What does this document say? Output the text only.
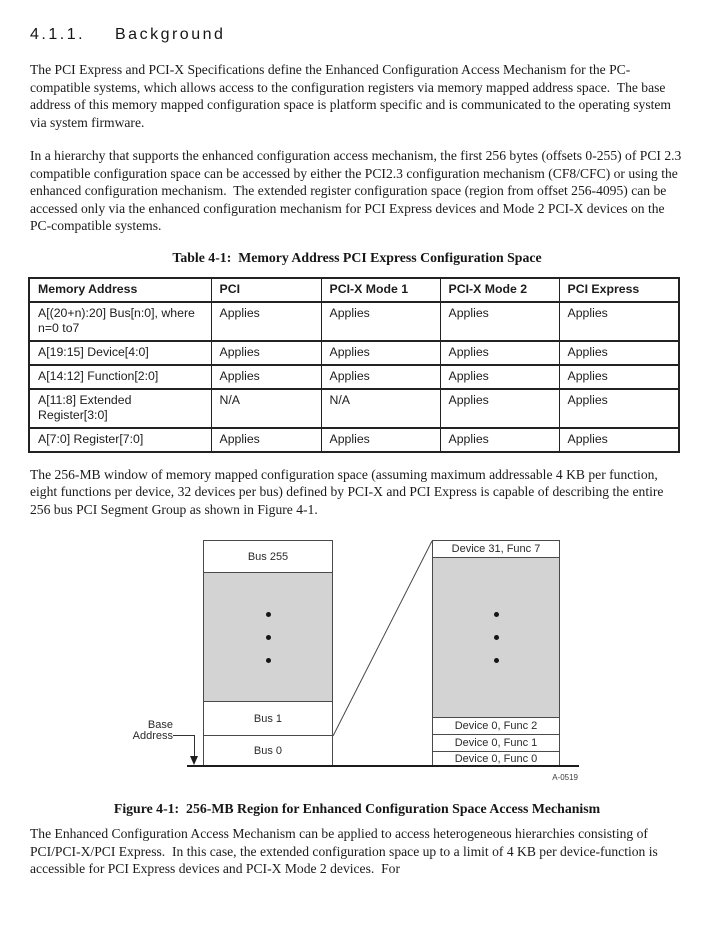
4.1.1. Background

The PCI Express and PCI-X Specifications define the Enhanced Configuration Access Mechanism for the PC-compatible systems, which allows access to the configuration registers via memory mapped address space.  The base address of this memory mapped configuration space is platform specific and is communicated to the operating system via system firmware.

In a hierarchy that supports the enhanced configuration access mechanism, the first 256 bytes (offsets 0-255) of PCI 2.3 compatible configuration space can be accessed by either the PCI2.3 configuration mechanism (CF8/CFC) or using the enhanced configuration mechanism.  The extended register configuration space (region from offset 256-4095) can be accessed only via the enhanced configuration mechanism for PCI Express devices and Mode 2 PCI-X devices on the PC-compatible systems.

Table 4-1:  Memory Address PCI Express Configuration Space
Memory Address	PCI	PCI-X Mode 1	PCI-X Mode 2	PCI Express
A[(20+n):20] Bus[n:0], where n=0 to7	Applies	Applies	Applies	Applies
A[19:15] Device[4:0]	Applies	Applies	Applies	Applies
A[14:12] Function[2:0]	Applies	Applies	Applies	Applies
A[11:8] Extended Register[3:0]	N/A	N/A	Applies	Applies
A[7:0] Register[7:0]	Applies	Applies	Applies	Applies

The 256-MB window of memory mapped configuration space (assuming maximum addressable 4 KB per function, eight functions per device, 32 devices per bus) defined by PCI-X and PCI Express is capable of describing the entire 256 bus PCI Segment Group as shown in Figure 4-1.

Bus 255
Bus 1
Bus 0
Device 31, Func 7
Device 0, Func 2
Device 0, Func 1
Device 0, Func 0
Base
Address
A-0519
Figure 4-1:  256-MB Region for Enhanced Configuration Space Access Mechanism

The Enhanced Configuration Access Mechanism can be applied to access heterogeneous hierarchies consisting of PCI/PCI-X/PCI Express.  In this case, the extended configuration space up to a limit of 4 KB per device-function is accessible for PCI Express devices and PCI-X Mode 2 devices.  For
